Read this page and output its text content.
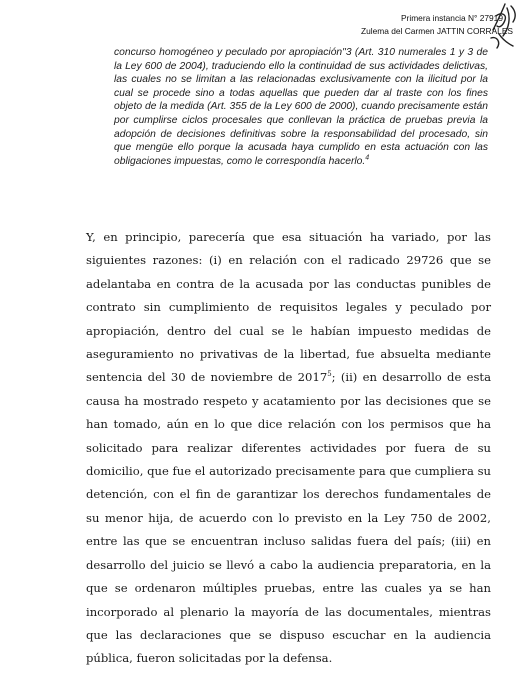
Primera instancia N° 27919
Zulema del Carmen JATTIN CORRALES
concurso homogéneo y peculado por apropiación"3 (Art. 310 numerales 1 y 3 de la Ley 600 de 2004), traduciendo ello la continuidad de sus actividades delictivas, las cuales no se limitan a las relacionadas exclusivamente con la ilicitud por la cual se procede sino a todas aquellas que pueden dar al traste con los fines objeto de la medida (Art. 355 de la Ley 600 de 2000), cuando precisamente están por cumplirse ciclos procesales que conllevan la práctica de pruebas previa la adopción de decisiones definitivas sobre la responsabilidad del procesado, sin que mengüe ello porque la acusada haya cumplido en esta actuación con las obligaciones impuestas, como le correspondía hacerlo.$^4$
Y, en principio, parecería que esa situación ha variado, por las siguientes razones: (i) en relación con el radicado 29726 que se adelantaba en contra de la acusada por las conductas punibles de contrato sin cumplimiento de requisitos legales y peculado por apropiación, dentro del cual se le habían impuesto medidas de aseguramiento no privativas de la libertad, fue absuelta mediante sentencia del 30 de noviembre de 2017$^5$; (ii) en desarrollo de esta causa ha mostrado respeto y acatamiento por las decisiones que se han tomado, aún en lo que dice relación con los permisos que ha solicitado para realizar diferentes actividades por fuera de su domicilio, que fue el autorizado precisamente para que cumpliera su detención, con el fin de garantizar los derechos fundamentales de su menor hija, de acuerdo con lo previsto en la Ley 750 de 2002, entre las que se encuentran incluso salidas fuera del país; (iii) en desarrollo del juicio se llevó a cabo la audiencia preparatoria, en la que se ordenaron múltiples pruebas, entre las cuales ya se han incorporado al plenario la mayoría de las documentales, mientras que las declaraciones que se dispuso escuchar en la audiencia pública, fueron solicitadas por la defensa.
